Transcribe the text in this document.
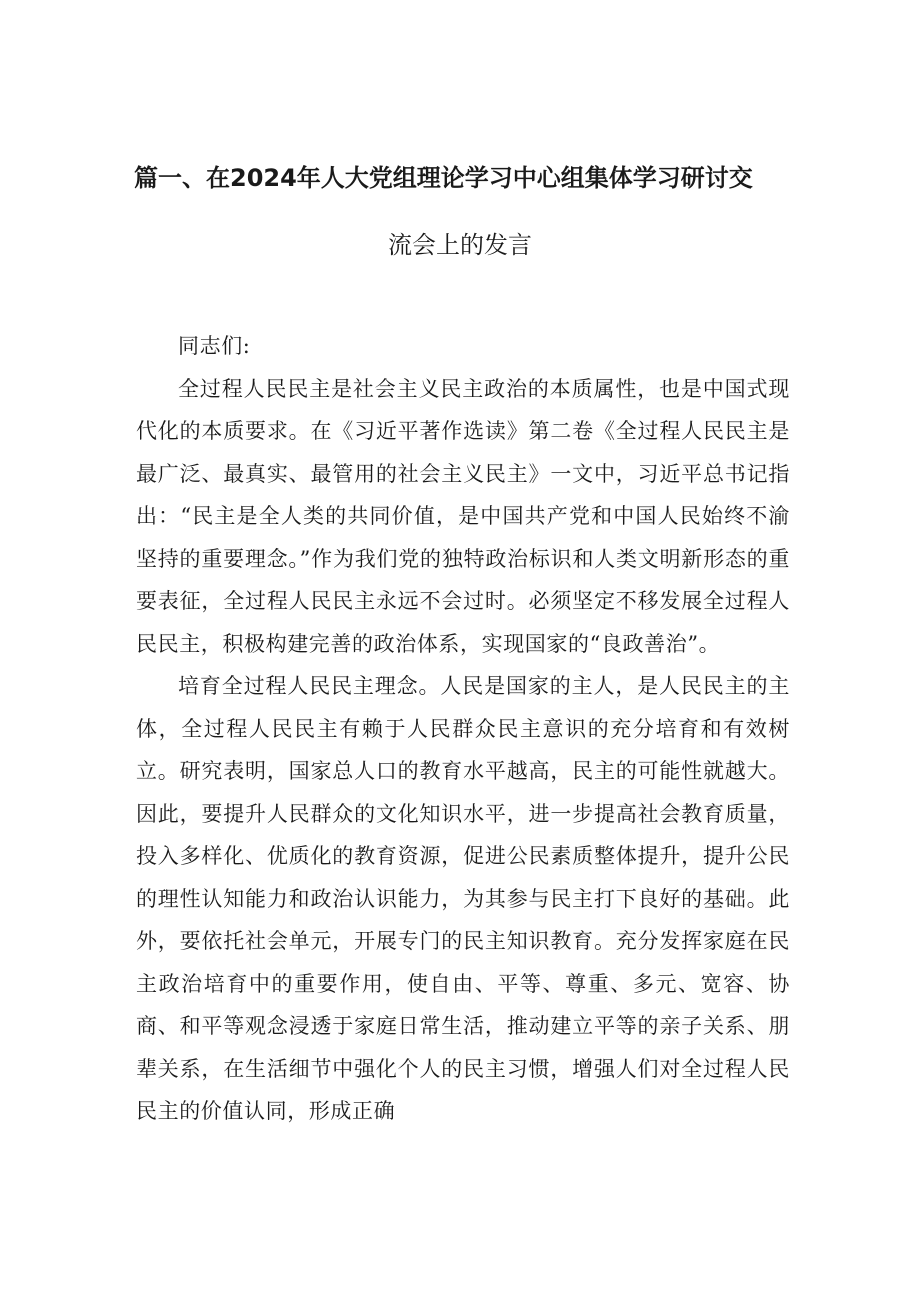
篇一、在2024年人大党组理论学习中心组集体学习研讨交
流会上的发言

同志们:

全过程人民民主是社会主义民主政治的本质属性，也是中国式现代化的本质要求。在《习近平著作选读》第二卷《全过程人民民主是最广泛、最真实、最管用的社会主义民主》一文中，习近平总书记指出：“民主是全人类的共同价值，是中国共产党和中国人民始终不渝坚持的重要理念。”作为我们党的独特政治标识和人类文明新形态的重要表征，全过程人民民主永远不会过时。必须坚定不移发展全过程人民民主，积极构建完善的政治体系，实现国家的“良政善治”。

培育全过程人民民主理念。人民是国家的主人，是人民民主的主体，全过程人民民主有赖于人民群众民主意识的充分培育和有效树立。研究表明，国家总人口的教育水平越高，民主的可能性就越大。因此，要提升人民群众的文化知识水平，进一步提高社会教育质量，投入多样化、优质化的教育资源，促进公民素质整体提升，提升公民的理性认知能力和政治认识能力，为其参与民主打下良好的基础。此外，要依托社会单元，开展专门的民主知识教育。充分发挥家庭在民主政治培育中的重要作用，使自由、平等、尊重、多元、宽容、协商、和平等观念浸透于家庭日常生活，推动建立平等的亲子关系、朋辈关系，在生活细节中强化个人的民主习惯，增强人们对全过程人民民主的价值认同，形成正确
